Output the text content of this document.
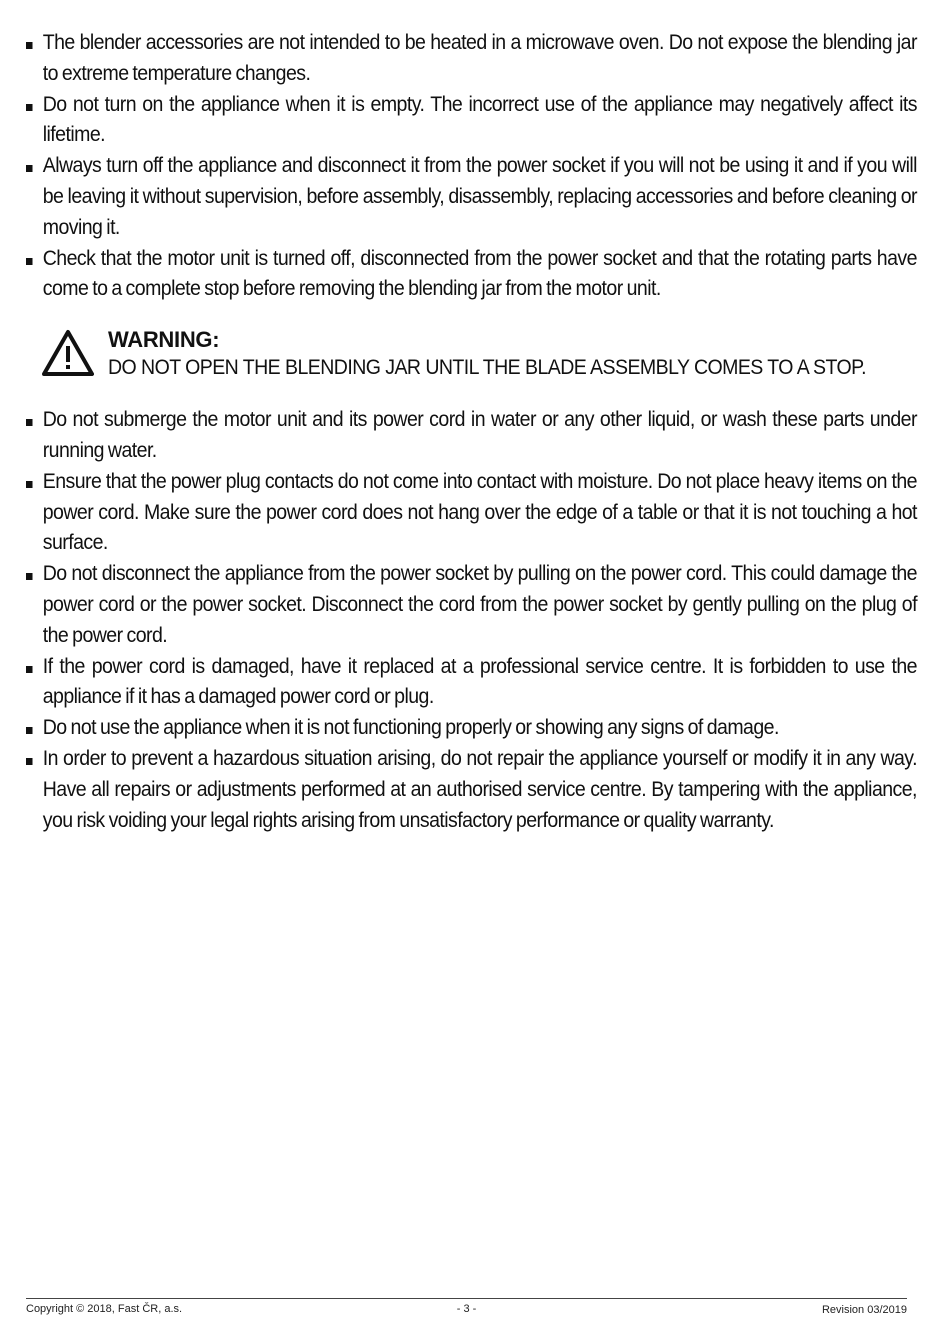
The blender accessories are not intended to be heated in a microwave oven. Do not expose the blending jar to extreme temperature changes.
Do not turn on the appliance when it is empty. The incorrect use of the appliance may negatively affect its lifetime.
Always turn off the appliance and disconnect it from the power socket if you will not be using it and if you will be leaving it without supervision, before assembly, disassembly, replacing accessories and before cleaning or moving it.
Check that the motor unit is turned off, disconnected from the power socket and that the rotating parts have come to a complete stop before removing the blending jar from the motor unit.
WARNING:
DO NOT OPEN THE BLENDING JAR UNTIL THE BLADE ASSEMBLY COMES TO A STOP.
Do not submerge the motor unit and its power cord in water or any other liquid, or wash these parts under running water.
Ensure that the power plug contacts do not come into contact with moisture. Do not place heavy items on the power cord. Make sure the power cord does not hang over the edge of a table or that it is not touching a hot surface.
Do not disconnect the appliance from the power socket by pulling on the power cord. This could damage the power cord or the power socket. Disconnect the cord from the power socket by gently pulling on the plug of the power cord.
If the power cord is damaged, have it replaced at a professional service centre. It is forbidden to use the appliance if it has a damaged power cord or plug.
Do not use the appliance when it is not functioning properly or showing any signs of damage.
In order to prevent a hazardous situation arising, do not repair the appliance yourself or modify it in any way. Have all repairs or adjustments performed at an authorised service centre. By tampering with the appliance, you risk voiding your legal rights arising from unsatisfactory performance or quality warranty.
Copyright © 2018, Fast ČR, a.s.	- 3 -	Revision 03/2019
